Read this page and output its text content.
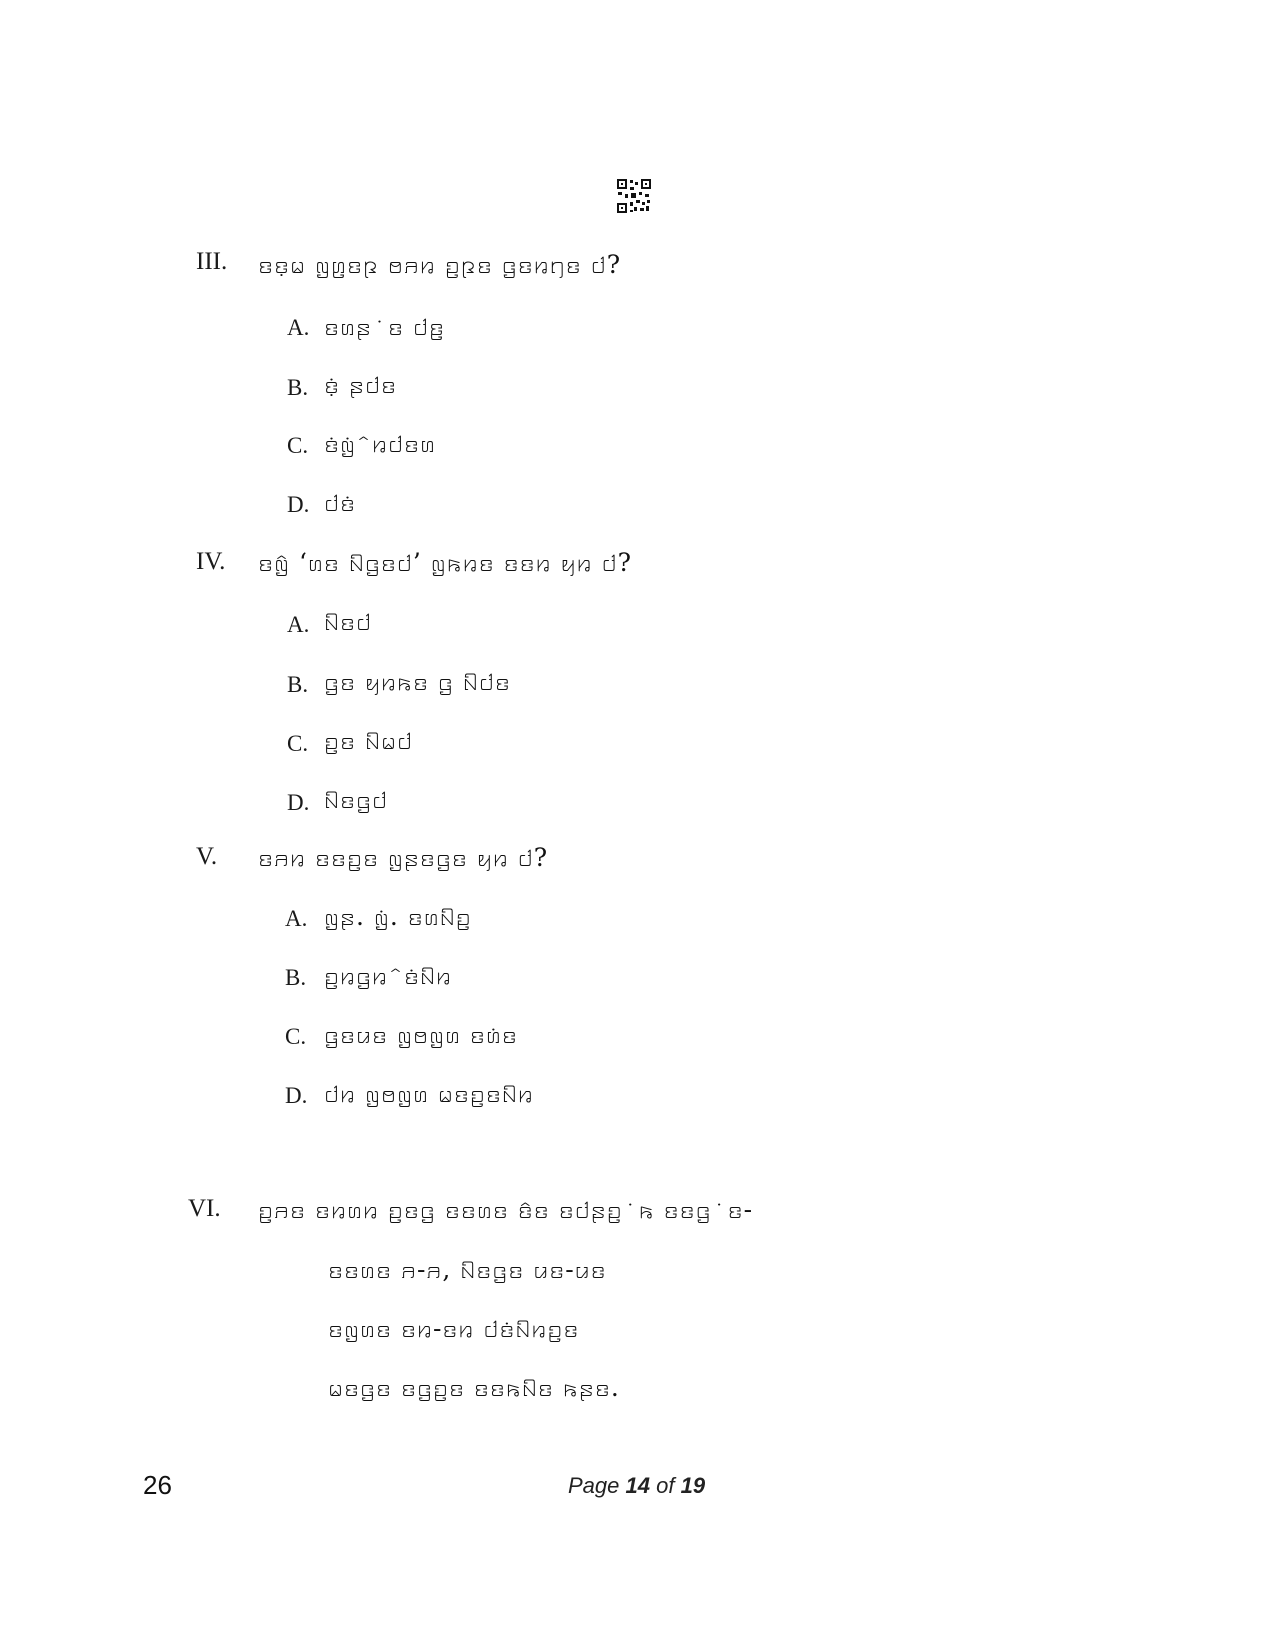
III. ꤢꤢ꤫ꤗ ꤜꤛ꤬ꤢꤐ ꤥꤏꤙ ꤑꤐꤢ ꤞꤢꤙꤚꤢ ꤓ?
A. ꤢꤛꤔ ꤦꤢ ꤓꤢ꤬
B. ꤢꤦ꤫ ꤔꤓꤢ
C. ꤢꤦꤜꤦ ꤨꤙꤓꤢꤛ
D. ꤓꤢꤦ
IV. ꤢꤜꤨ ‘ꤛꤢ ꤡꤞꤢꤓ’ ꤜꤒꤙꤢ ꤢꤢꤙ ꤟꤙ ꤓ?
A. ꤡꤢꤓ
B. ꤞꤢ ꤟꤙꤒꤢ ꤞ ꤡꤓꤢ
C. ꤑꤢ ꤡꤗꤓ
D. ꤡꤢꤞꤓ
V. ꤢꤏꤙ ꤢꤢꤑꤢ ꤜꤔꤢꤞꤢ ꤟꤙ ꤓ?
A. ꤜꤔ. ꤜꤦ. ꤢꤛꤡꤑ
B. ꤑꤙꤞꤙ ꤨꤢꤦꤡꤙ
C. ꤞꤢꤣꤢ ꤜꤥꤜꤛ ꤢꤛꤦꤢ
D. ꤓꤙ ꤜꤥꤜꤛ ꤗꤢꤑꤢꤡꤙ
VI. ꤑꤏꤢ ꤢꤙꤛꤙ ꤑꤢꤞ ꤢꤢꤛꤢ ꤢꤨꤢ ꤢꤓꤔꤑ ꤦꤒ ꤢꤢꤞ ꤦꤢ-
ꤢꤢꤛꤢ ꤏ-ꤏ, ꤡꤢꤞꤢ ꤣꤢ-ꤣꤢ
ꤢꤜꤛꤢ ꤢꤙ-ꤢꤙ ꤓꤢꤦꤡꤙꤑꤢ
ꤗꤢꤞꤢ ꤢꤞꤑꤢ ꤢꤢꤒꤡꤢ ꤒꤔꤢ.
26	Page 14 of 19
